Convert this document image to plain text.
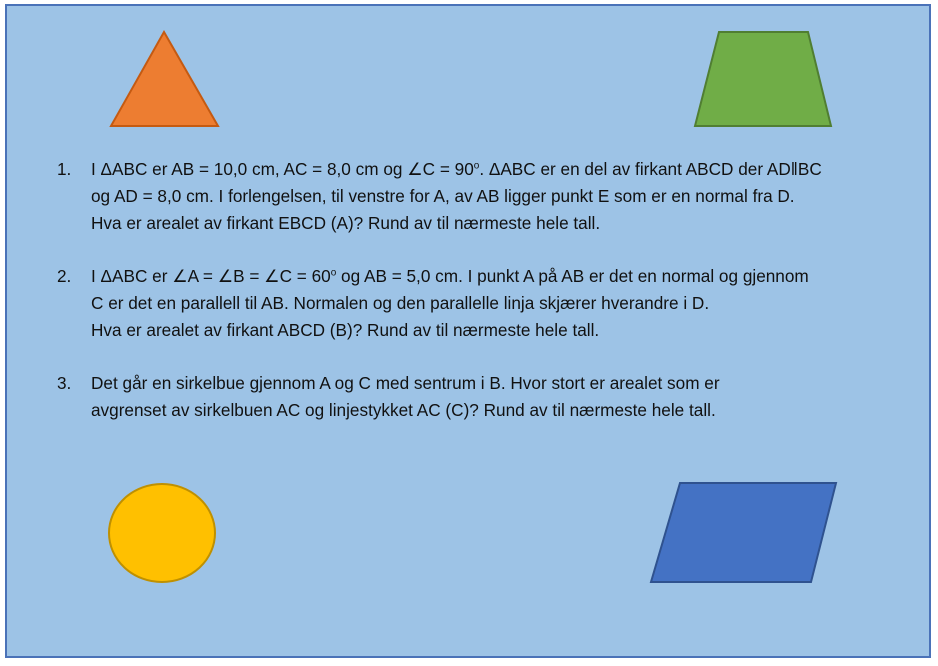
1. I ΔABC er AB = 10,0 cm, AC = 8,0 cm og ∠C = $90^o$. ΔABC er en del av firkant ABCD der AD‖BC
og AD = 8,0 cm. I forlengelsen, til venstre for A, av AB ligger punkt E som er en normal fra D.
Hva er arealet av firkant EBCD (A)? Rund av til nærmeste hele tall.
2. I ΔABC er ∠A = ∠B = ∠C = $60^o$ og AB = 5,0 cm. I punkt A på AB er det en normal og gjennom
C er det en parallell til AB. Normalen og den parallelle linja skjærer hverandre i D.
Hva er arealet av firkant ABCD (B)? Rund av til nærmeste hele tall.
3. Det går en sirkelbue gjennom A og C med sentrum i B. Hvor stort er arealet som er
avgrenset av sirkelbuen AC og linjestykket AC (C)? Rund av til nærmeste hele tall.
